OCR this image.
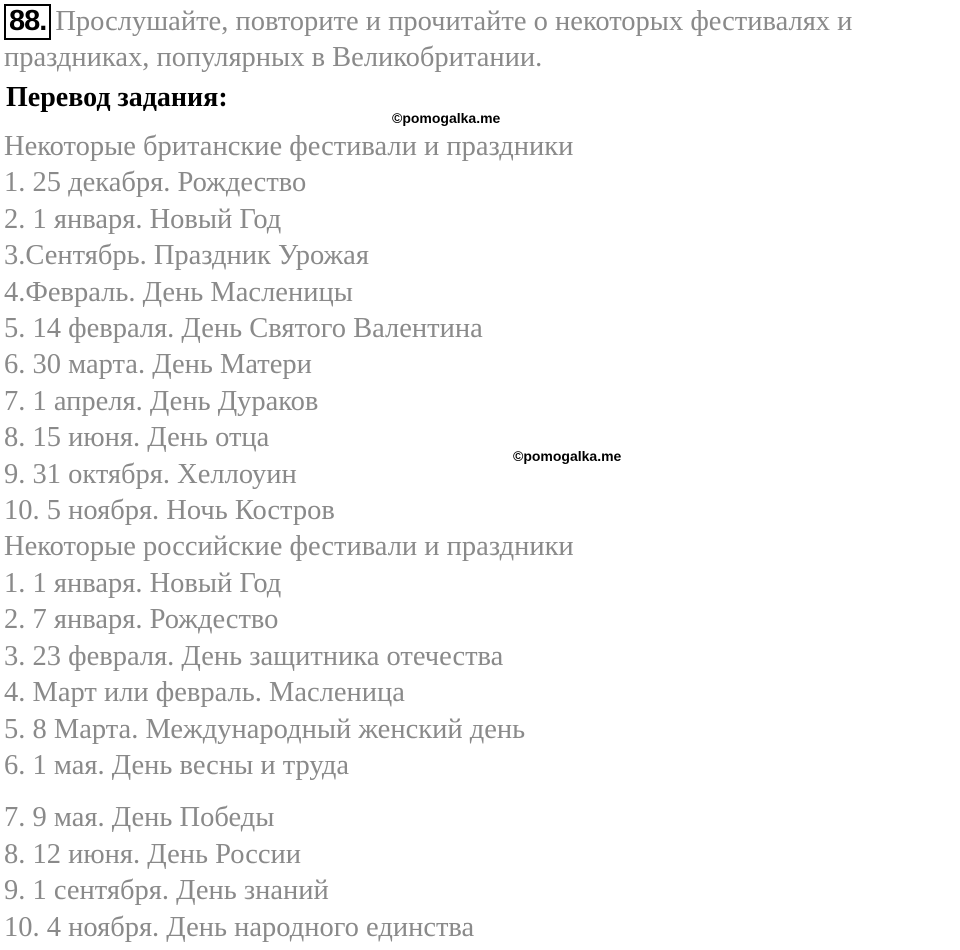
88. Прослушайте, повторите и прочитайте о некоторых фестивалях и праздниках, популярных в Великобритании.
Перевод задания:
©pomogalka.me
©pomogalka.me
Некоторые британские фестивали и праздники
1. 25 декабря. Рождество
2. 1 января. Новый Год
3.Сентябрь. Праздник Урожая
4.Февраль. День Масленицы
5. 14 февраля. День Святого Валентина
6. 30 марта. День Матери
7. 1 апреля. День Дураков
8. 15 июня. День отца
9. 31 октября. Хеллоуин
10. 5 ноября. Ночь Костров
Некоторые российские фестивали и праздники
1. 1 января. Новый Год
2. 7 января. Рождество
3. 23 февраля. День защитника отечества
4. Март или февраль. Масленица
5. 8 Марта. Международный женский день
6. 1 мая. День весны и труда
7. 9 мая. День Победы
8. 12 июня. День России
9. 1 сентября. День знаний
10. 4 ноября. День народного единства
